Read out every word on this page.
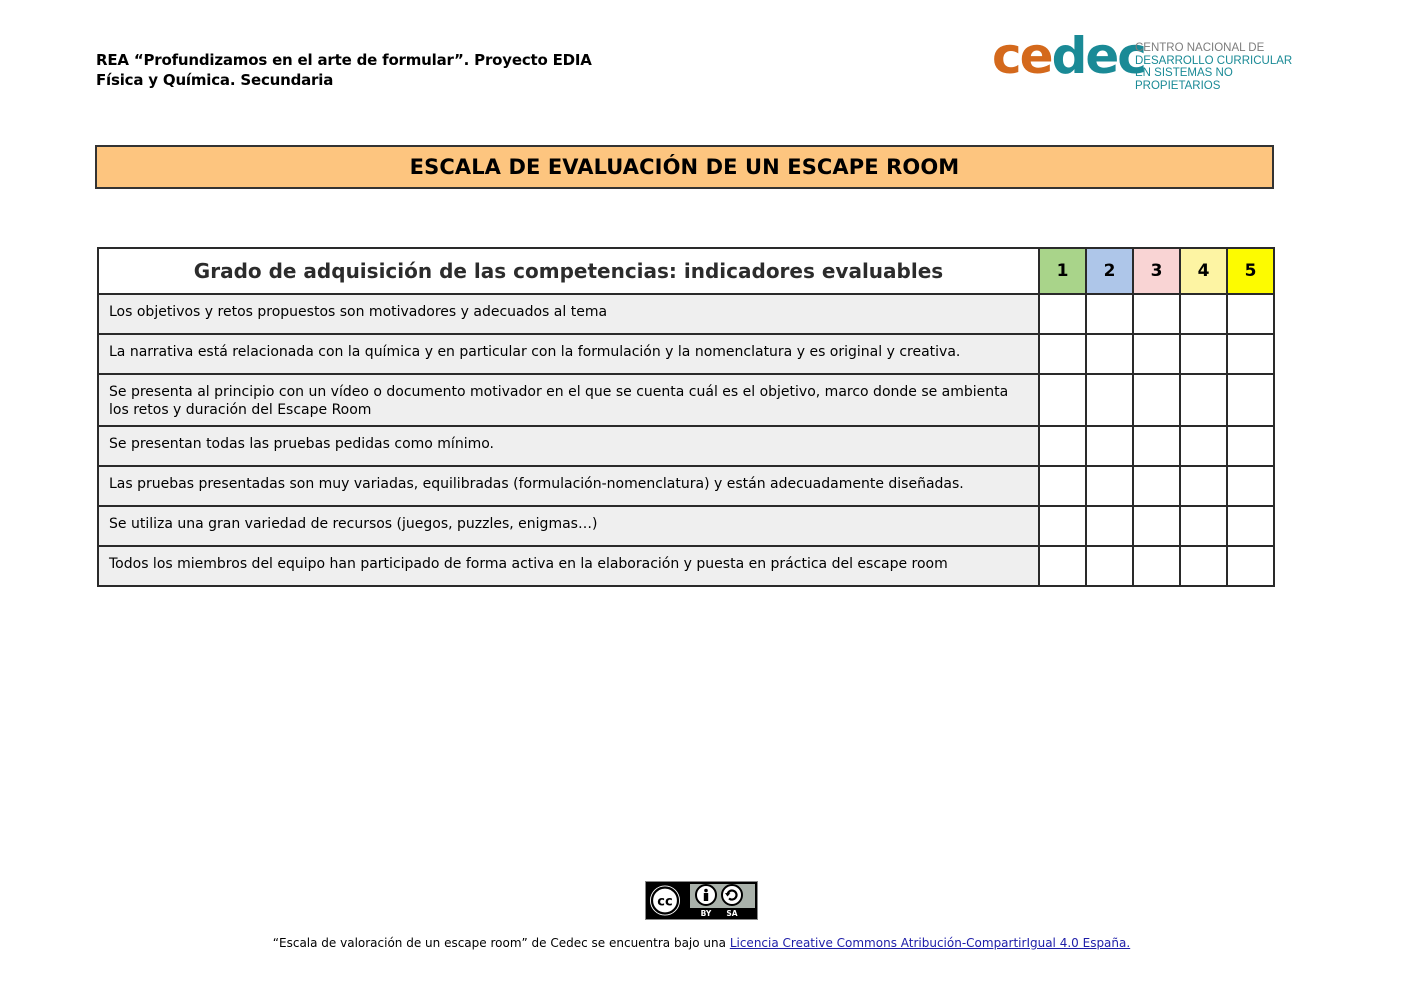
REA “Profundizamos en el arte de formular”. Proyecto EDIA
Física y Química. Secundaria	cedec
CENTRO NACIONAL DE
DESARROLLO CURRICULAR
EN SISTEMAS NO PROPIETARIOS
ESCALA DE EVALUACIÓN DE UN ESCAPE ROOM
Grado de adquisición de las competencias: indicadores evaluables	1	2	3	4	5

Los objetivos y retos propuestos son motivadores y adecuados al tema					

La narrativa está relacionada con la química y en particular con la formulación y la nomenclatura y es original y creativa.					

Se presenta al principio con un vídeo o documento motivador en el que se cuenta cuál es el objetivo, marco donde se ambienta los retos y duración del Escape Room					

Se presentan todas las pruebas pedidas como mínimo.					

Las pruebas presentadas son muy variadas, equilibradas (formulación-nomenclatura) y están adecuadamente diseñadas.					

Se utiliza una gran variedad de recursos (juegos, puzzles, enigmas…)					

Todos los miembros del equipo han participado de forma activa en la elaboración y puesta en práctica del escape room					

cc
BY SA
“Escala de valoración de un escape room” de Cedec se encuentra bajo una Licencia Creative Commons Atribución-CompartirIgual 4.0 España.
